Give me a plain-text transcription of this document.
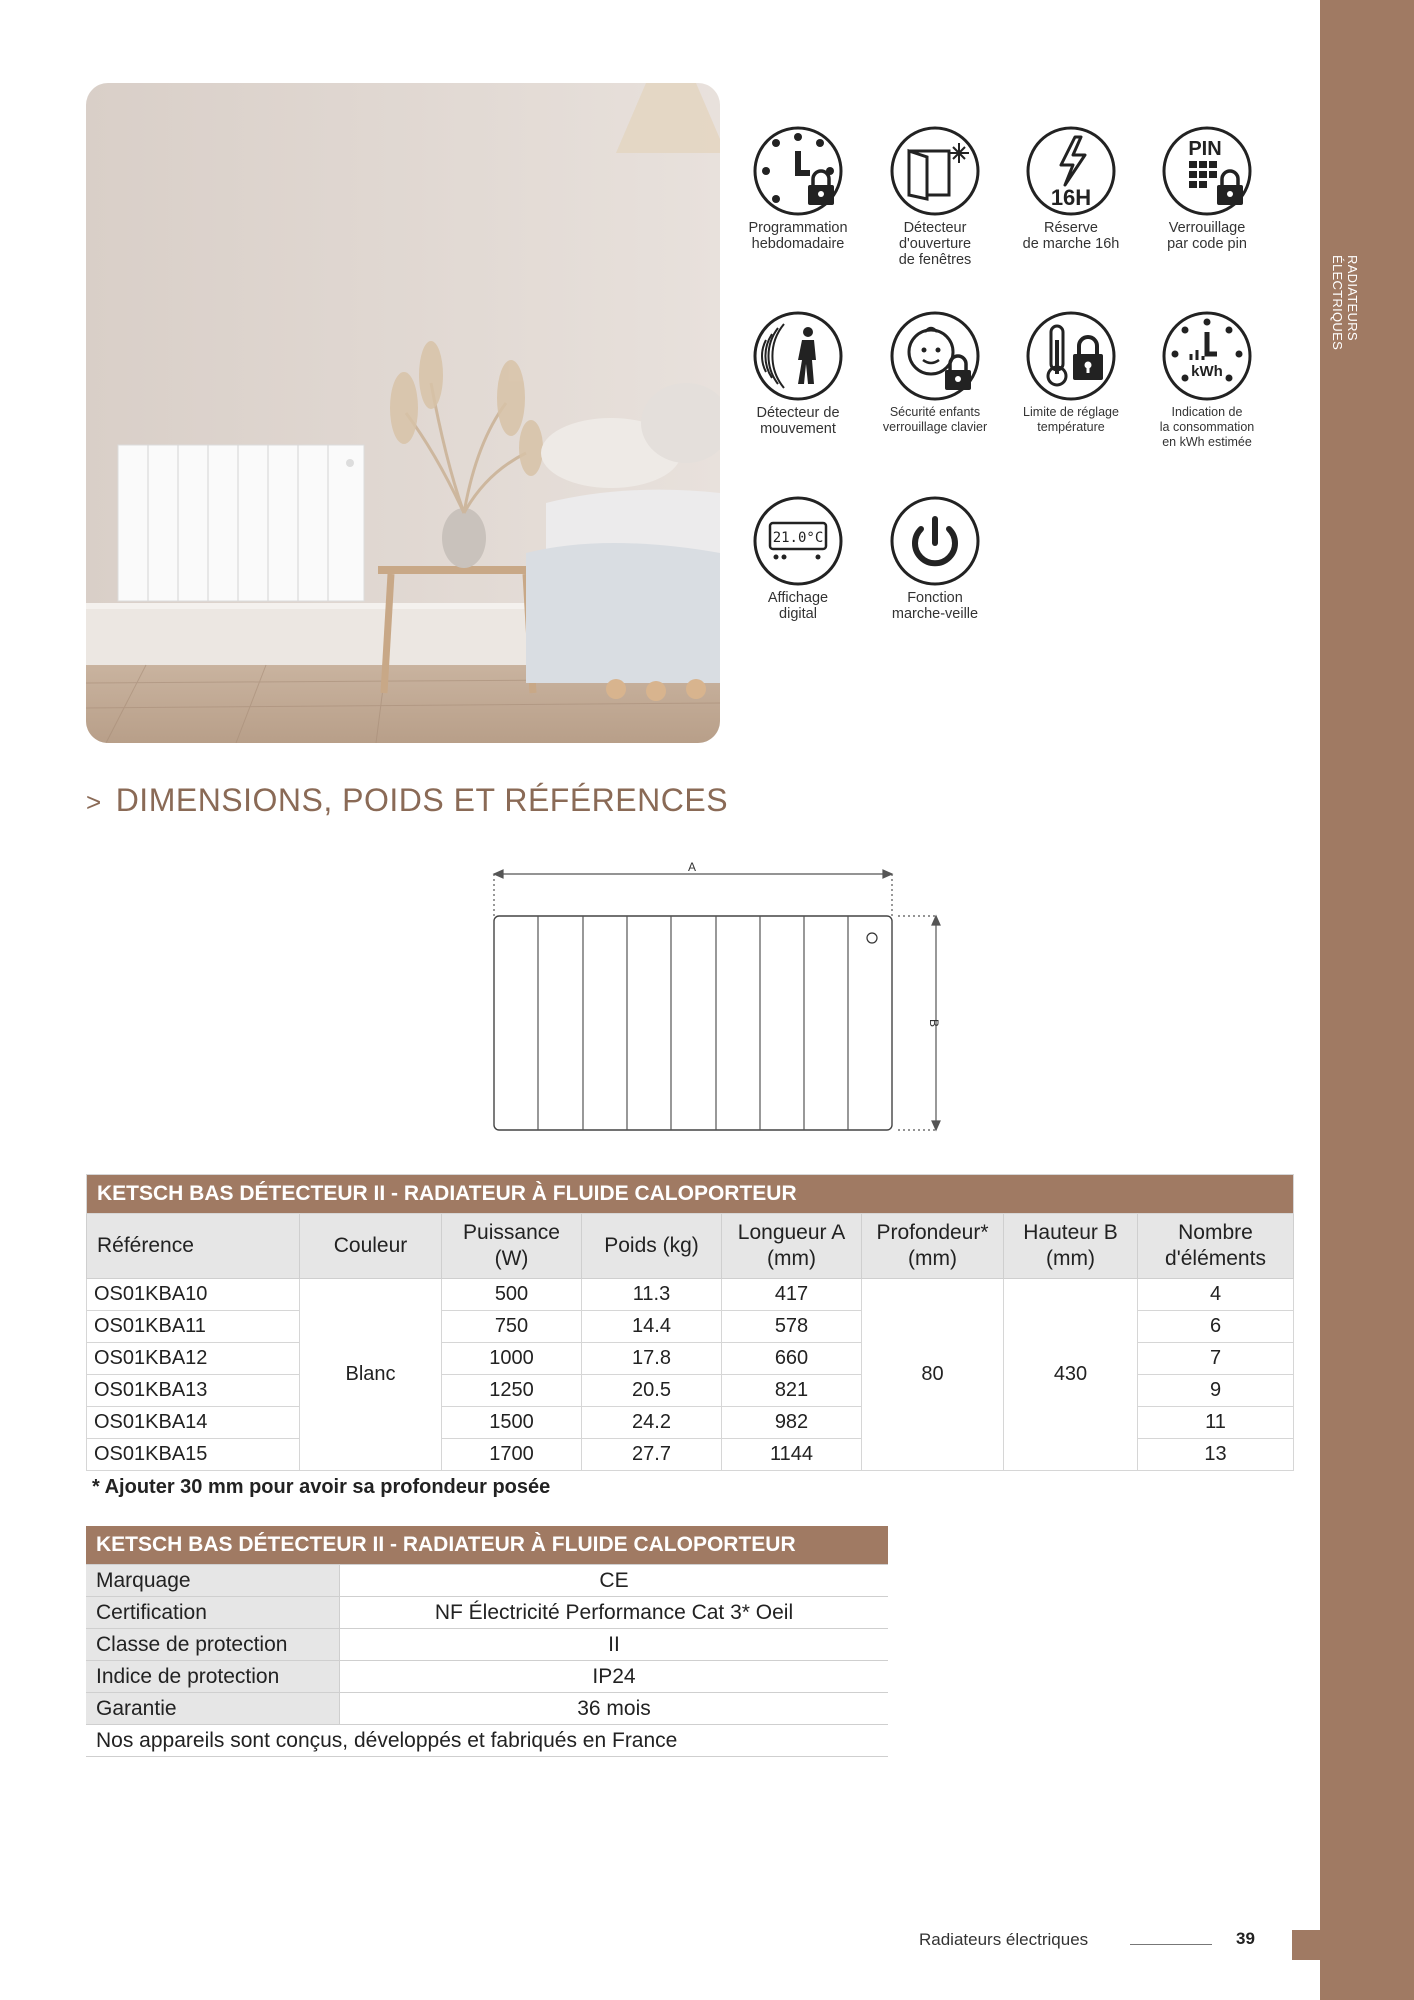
RADIATEURS
ÉLECTRIQUES
Programmation
hebdomadaire
Détecteur
d'ouverture
de fenêtres
16H
Réserve
de marche 16h
PIN
Verrouillage
par code pin
Détecteur de
mouvement
Sécurité enfants
verrouillage clavier
Limite de réglage
température
kWh
Indication de
la consommation
en kWh estimée
21.0°C
Affichage
digital
Fonction
marche-veille
> DIMENSIONS, POIDS ET RÉFÉRENCES
A
B
KETSCH BAS DÉTECTEUR II - RADIATEUR À FLUIDE CALOPORTEUR							
Référence	Couleur	Puissance (W)	Poids (kg)	Longueur A (mm)	Profondeur* (mm)	Hauteur B (mm)	Nombre d'éléments
OS01KBA10	Blanc	500	11.3	417	80	430	4
OS01KBA11		750	14.4	578			6
OS01KBA12		1000	17.8	660			7
OS01KBA13		1250	20.5	821			9
OS01KBA14		1500	24.2	982			11
OS01KBA15		1700	27.7	1144			13
* Ajouter 30 mm pour avoir sa profondeur posée
KETSCH BAS DÉTECTEUR II - RADIATEUR À FLUIDE CALOPORTEUR	
Marquage	CE
Certification	NF Électricité Performance Cat 3* Oeil
Classe de protection	II
Indice de protection	IP24
Garantie	36 mois
Nos appareils sont conçus, développés et fabriqués en France	
Radiateurs électriques	39
